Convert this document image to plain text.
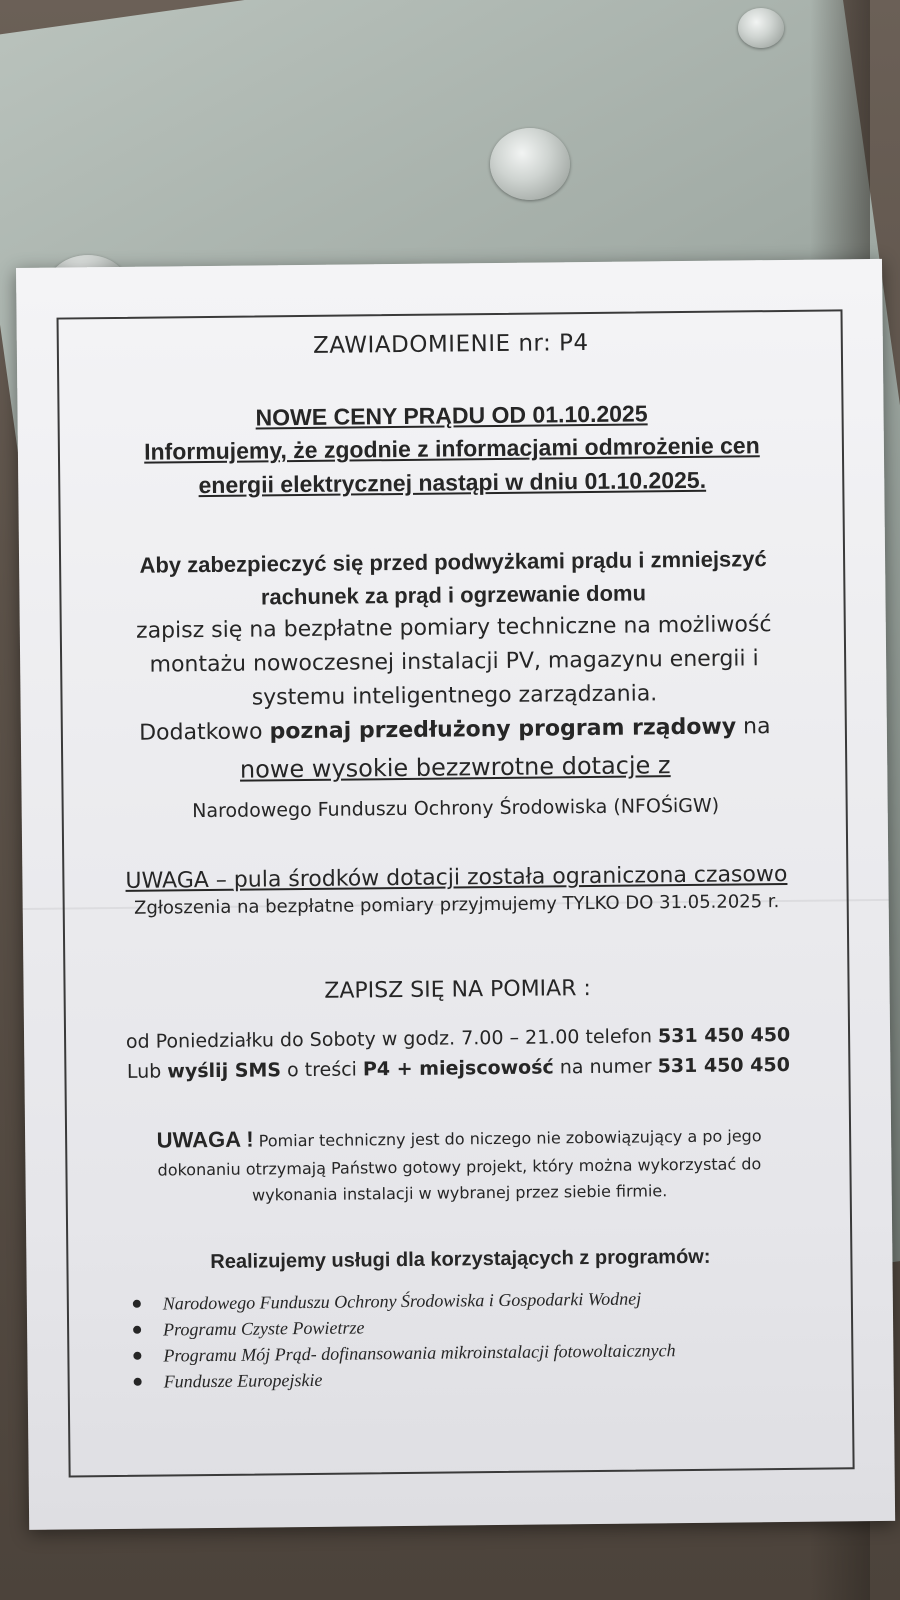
ZAWIADOMIENIE nr: P4
NOWE CENY PRĄDU OD 01.10.2025
Informujemy, że zgodnie z informacjami odmrożenie cen
energii elektrycznej nastąpi w dniu 01.10.2025.
Aby zabezpieczyć się przed podwyżkami prądu i zmniejszyć
rachunek za prąd i ogrzewanie domu
zapisz się na bezpłatne pomiary techniczne na możliwość
montażu nowoczesnej instalacji PV, magazynu energii i
systemu inteligentnego zarządzania.
Dodatkowo poznaj przedłużony program rządowy na
nowe wysokie bezzwrotne dotacje z
Narodowego Funduszu Ochrony Środowiska (NFOŚiGW)
UWAGA – pula środków dotacji została ograniczona czasowo
Zgłoszenia na bezpłatne pomiary przyjmujemy TYLKO DO 31.05.2025 r.
ZAPISZ SIĘ NA POMIAR :
od Poniedziałku do Soboty w godz. 7.00 – 21.00 telefon 531 450 450
Lub wyślij SMS o treści P4 + miejscowość na numer 531 450 450
UWAGA ! Pomiar techniczny jest do niczego nie zobowiązujący a po jego
dokonaniu otrzymają Państwo gotowy projekt, który można wykorzystać do
wykonania instalacji w wybranej przez siebie firmie.
Realizujemy usługi dla korzystających z programów:
Narodowego Funduszu Ochrony Środowiska i Gospodarki Wodnej
Programu Czyste Powietrze
Programu Mój Prąd- dofinansowania mikroinstalacji fotowoltaicznych
Fundusze Europejskie
